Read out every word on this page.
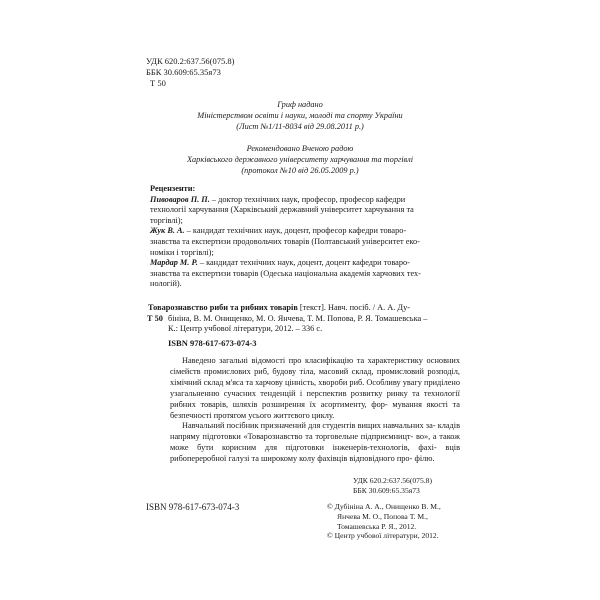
УДК 620.2:637.56(075.8)
ББК 30.609:65.35я73
Т 50
Гриф надано
Міністерством освіти і науки, молоді та спорту України
(Лист №1/11-8034 від 29.08.2011 р.)
Рекомендовано Вченою радою
Харківського державного університету харчування та торгівлі
(протокол №10 від 26.05.2009 р.)
Рецензенти:
Пивоваров П. П. – доктор технічних наук, професор, професор кафедри
технології харчування (Харківський державний університет харчування та
торгівлі);
Жук В. А. – кандидат технічних наук, доцент, професор кафедри товаро-
знавства та експертизи продовольчих товарів (Полтавський університет еко-
номіки і торгівлі);
Мардар М. Р. – кандидат технічних наук, доцент, доцент кафедри товаро-
знавства та експертизи товарів (Одеська національна академія харчових тех-
нологій).
Товарознавство риби та рибних товарів [текст]. Навч. посіб. / А. А. Ду-
Т 50 бініна, В. М. Онищенко, М. О. Янчева, Т. М. Попова, Р. Я. Томашевська –
К.: Центр учбової літератури, 2012. – 336 с.
ISBN 978-617-673-074-3

Наведено загальні відомості про класифікацію та характеристику основних сімейств промислових риб, будову тіла, масовий склад, промисловий розподіл, хімічний склад м'яса та харчову цінність, хвороби риб. Особливу увагу приділено узагальненню сучасних тенденцій і перспектив розвитку ринку та технології рибних товарів, шляхів розширення їх асортименту, фор- мування якості та безпечності протягом усього життєвого циклу.

Навчальний посібник призначений для студентів вищих навчальних за- кладів напряму підготовки «Товарознавство та торговельне підприємницт- во», а також може бути корисним для підготовки інженерів-технологів, фахі- вців рибопереробної галузі та широкому колу фахівців відповідного про- філю.

УДК 620.2:637.56(075.8)
ББК 30.609:65.35я73
ISBN 978-617-673-074-3	© Дубініна А. А., Онищенко В. М.,
Янчева М. О., Попова Т. М.,
Томашевська Р. Я., 2012.
© Центр учбової літератури, 2012.
